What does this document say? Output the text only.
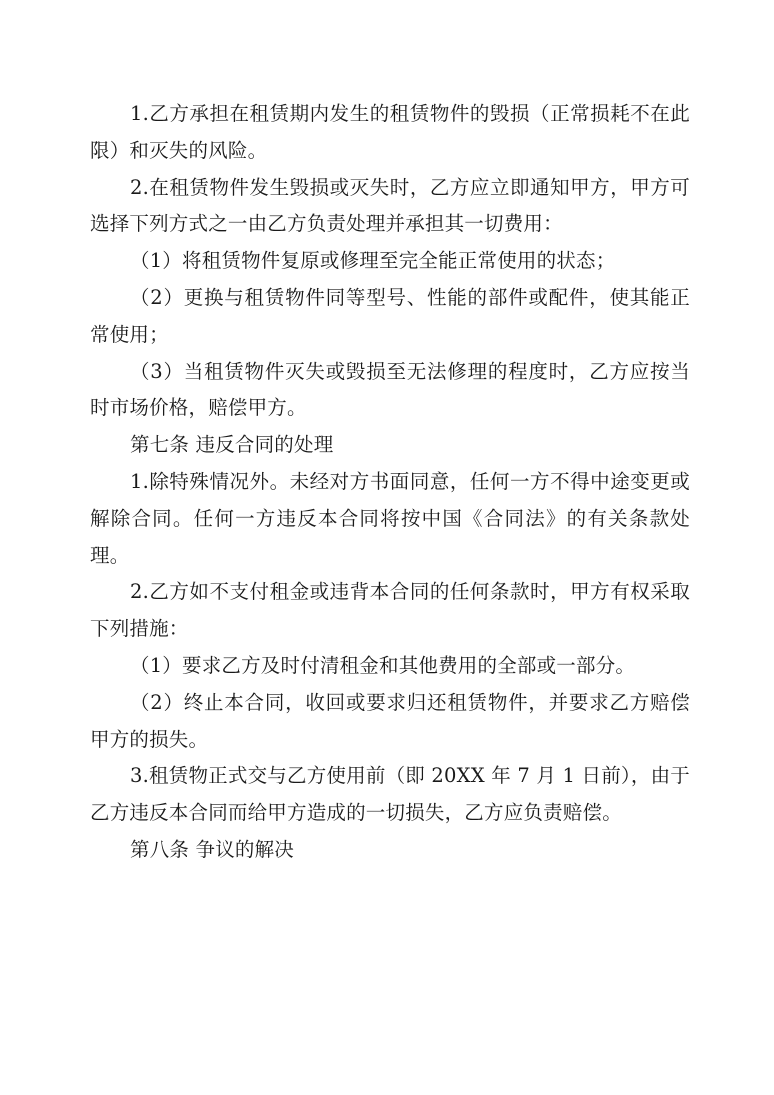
1.乙方承担在租赁期内发生的租赁物件的毁损（正常损耗不在此限）和灭失的风险。

2.在租赁物件发生毁损或灭失时，乙方应立即通知甲方，甲方可选择下列方式之一由乙方负责处理并承担其一切费用：

（1）将租赁物件复原或修理至完全能正常使用的状态；

（2）更换与租赁物件同等型号、性能的部件或配件，使其能正常使用；

（3）当租赁物件灭失或毁损至无法修理的程度时，乙方应按当时市场价格，赔偿甲方。

第七条 违反合同的处理

1.除特殊情况外。未经对方书面同意，任何一方不得中途变更或解除合同。任何一方违反本合同将按中国《合同法》的有关条款处理。

2.乙方如不支付租金或违背本合同的任何条款时，甲方有权采取下列措施：

（1）要求乙方及时付清租金和其他费用的全部或一部分。

（2）终止本合同，收回或要求归还租赁物件，并要求乙方赔偿甲方的损失。

3.租赁物正式交与乙方使用前（即 20XX 年 7 月 1 日前），由于乙方违反本合同而给甲方造成的一切损失，乙方应负责赔偿。

第八条 争议的解决
